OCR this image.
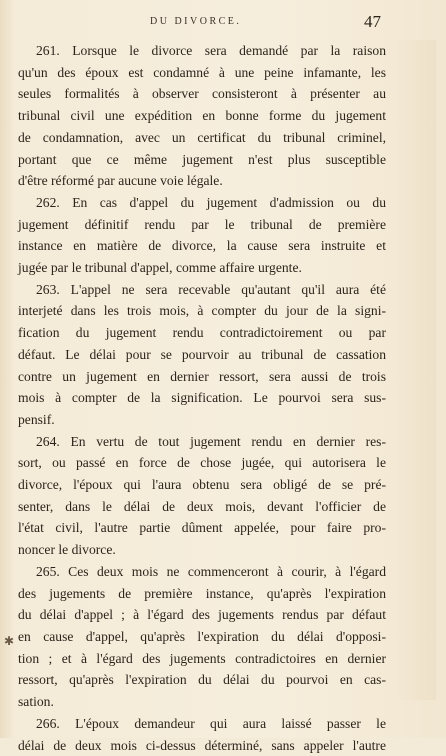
DU DIVORCE.	47
261. Lorsque le divorce sera demandé par la raison
qu'un des époux est condamné à une peine infamante, les
seules formalités à observer consisteront à présenter au
tribunal civil une expédition en bonne forme du jugement
de condamnation, avec un certificat du tribunal criminel,
portant que ce même jugement n'est plus susceptible
d'être réformé par aucune voie légale.
262. En cas d'appel du jugement d'admission ou du
jugement définitif rendu par le tribunal de première
instance en matière de divorce, la cause sera instruite et
jugée par le tribunal d'appel, comme affaire urgente.
263. L'appel ne sera recevable qu'autant qu'il aura été
interjeté dans les trois mois, à compter du jour de la signi-
fication du jugement rendu contradictoirement ou par
défaut. Le délai pour se pourvoir au tribunal de cassation
contre un jugement en dernier ressort, sera aussi de trois
mois à compter de la signification. Le pourvoi sera sus-
pensif.
264. En vertu de tout jugement rendu en dernier res-
sort, ou passé en force de chose jugée, qui autorisera le
divorce, l'époux qui l'aura obtenu sera obligé de se pré-
senter, dans le délai de deux mois, devant l'officier de
l'état civil, l'autre partie dûment appelée, pour faire pro-
noncer le divorce.
265. Ces deux mois ne commenceront à courir, à l'égard
des jugements de première instance, qu'après l'expiration
du délai d'appel ; à l'égard des jugements rendus par défaut
en cause d'appel, qu'après l'expiration du délai d'opposi-
tion ; et à l'égard des jugements contradictoires en dernier
ressort, qu'après l'expiration du délai du pourvoi en cas-
sation.
266. L'époux demandeur qui aura laissé passer le
délai de deux mois ci-dessus déterminé, sans appeler l'autre
✱
